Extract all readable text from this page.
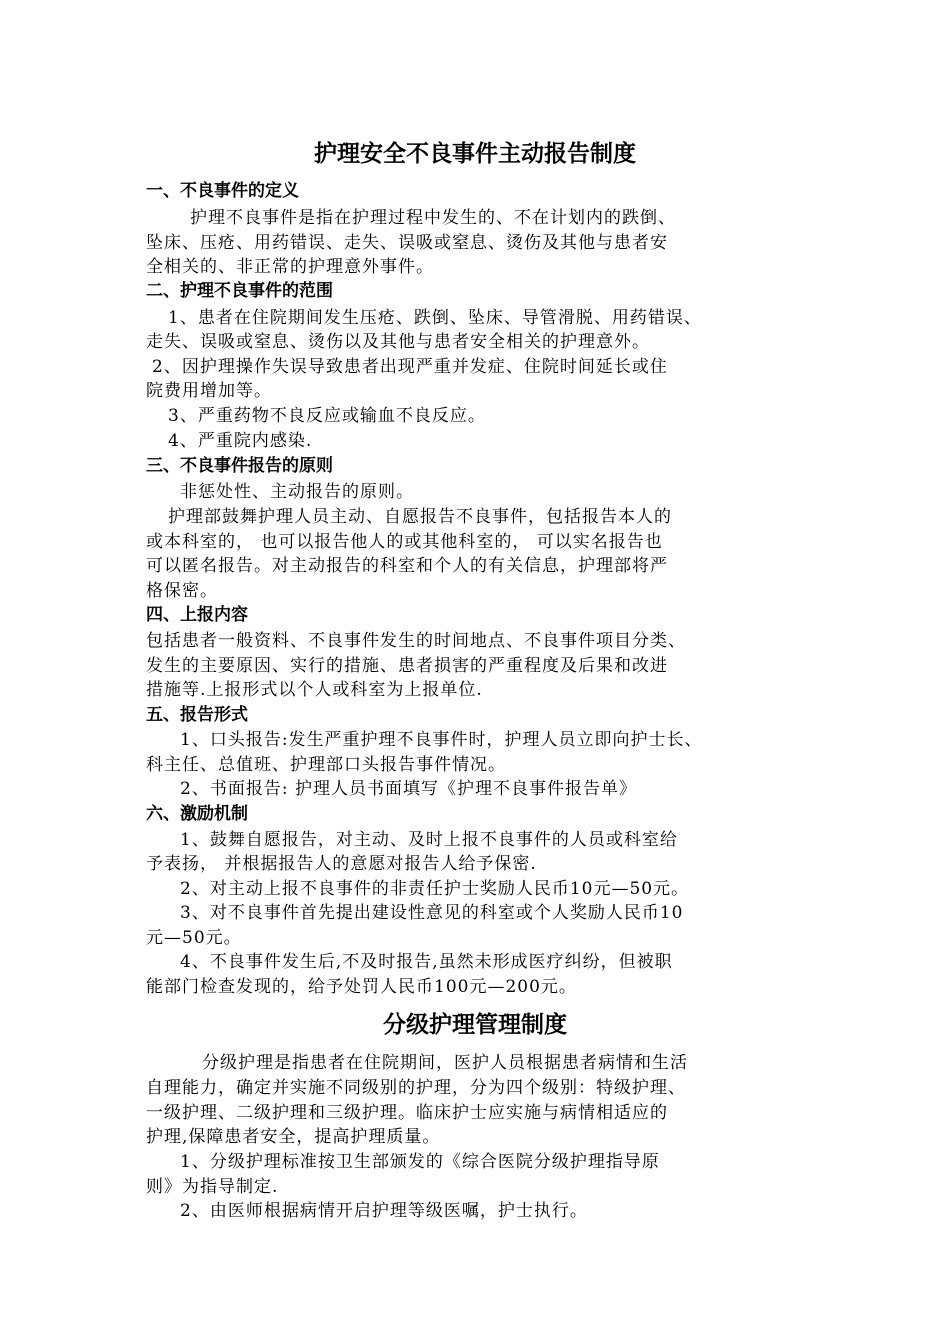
护理安全不良事件主动报告制度
一、不良事件的定义

护理不良事件是指在护理过程中发生的、不在计划内的跌倒、

坠床、压疮、用药错误、走失、误吸或窒息、烫伤及其他与患者安

全相关的、非正常的护理意外事件。

二、护理不良事件的范围

1、患者在住院期间发生压疮、跌倒、坠床、导管滑脱、用药错误、

走失、误吸或窒息、烫伤以及其他与患者安全相关的护理意外。

2、因护理操作失误导致患者出现严重并发症、住院时间延长或住

院费用增加等。

3、严重药物不良反应或输血不良反应。

4、严重院内感染.

三、不良事件报告的原则

非惩处性、主动报告的原则。

护理部鼓舞护理人员主动、自愿报告不良事件，包括报告本人的

或本科室的， 也可以报告他人的或其他科室的， 可以实名报告也

可以匿名报告。对主动报告的科室和个人的有关信息，护理部将严

格保密。

四、上报内容

包括患者一般资料、不良事件发生的时间地点、不良事件项目分类、

发生的主要原因、实行的措施、患者损害的严重程度及后果和改进

措施等.上报形式以个人或科室为上报单位.

五、报告形式

1、口头报告:发生严重护理不良事件时，护理人员立即向护士长、

科主任、总值班、护理部口头报告事件情况。

2、书面报告: 护理人员书面填写《护理不良事件报告单》

六、激励机制

1、鼓舞自愿报告，对主动、及时上报不良事件的人员或科室给

予表扬， 并根据报告人的意愿对报告人给予保密.

2、对主动上报不良事件的非责任护士奖励人民币10元—50元。

3、对不良事件首先提出建设性意见的科室或个人奖励人民币10

元—50元。

4、不良事件发生后,不及时报告,虽然未形成医疗纠纷，但被职

能部门检查发现的，给予处罚人民币100元—200元。

分级护理管理制度

分级护理是指患者在住院期间，医护人员根据患者病情和生活

自理能力，确定并实施不同级别的护理，分为四个级别：特级护理、

一级护理、二级护理和三级护理。临床护士应实施与病情相适应的

护理,保障患者安全，提高护理质量。

1、分级护理标准按卫生部颁发的《综合医院分级护理指导原

则》为指导制定.

2、由医师根据病情开启护理等级医嘱，护士执行。
